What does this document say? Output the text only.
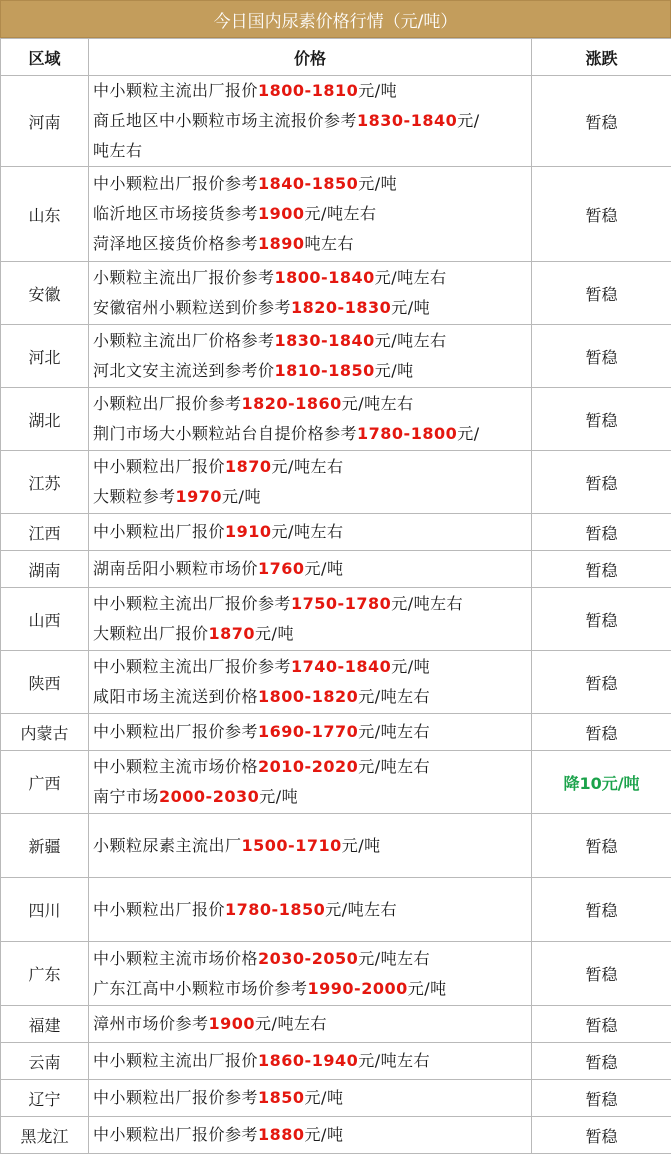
今日国内尿素价格行情（元/吨）
区域	价格	涨跌
河南	中小颗粒主流出厂报价1800-1810元/吨
商丘地区中小颗粒市场主流报价参考1830-1840元/
吨左右	暂稳
山东	中小颗粒出厂报价参考1840-1850元/吨
临沂地区市场接货参考1900元/吨左右
菏泽地区接货价格参考1890吨左右	暂稳
安徽	小颗粒主流出厂报价参考1800-1840元/吨左右
安徽宿州小颗粒送到价参考1820-1830元/吨	暂稳
河北	小颗粒主流出厂价格参考1830-1840元/吨左右
河北文安主流送到参考价1810-1850元/吨	暂稳
湖北	小颗粒出厂报价参考1820-1860元/吨左右
荆门市场大小颗粒站台自提价格参考1780-1800元/	暂稳
江苏	中小颗粒出厂报价1870元/吨左右
大颗粒参考1970元/吨	暂稳
江西	中小颗粒出厂报价1910元/吨左右	暂稳
湖南	湖南岳阳小颗粒市场价1760元/吨	暂稳
山西	中小颗粒主流出厂报价参考1750-1780元/吨左右
大颗粒出厂报价1870元/吨	暂稳
陕西	中小颗粒主流出厂报价参考1740-1840元/吨
咸阳市场主流送到价格1800-1820元/吨左右	暂稳
内蒙古	中小颗粒出厂报价参考1690-1770元/吨左右	暂稳
广西	中小颗粒主流市场价格2010-2020元/吨左右
南宁市场2000-2030元/吨	降10元/吨
新疆	小颗粒尿素主流出厂1500-1710元/吨	暂稳
四川	中小颗粒出厂报价1780-1850元/吨左右	暂稳
广东	中小颗粒主流市场价格2030-2050元/吨左右
广东江高中小颗粒市场价参考1990-2000元/吨	暂稳
福建	漳州市场价参考1900元/吨左右	暂稳
云南	中小颗粒主流出厂报价1860-1940元/吨左右	暂稳
辽宁	中小颗粒出厂报价参考1850元/吨	暂稳
黑龙江	中小颗粒出厂报价参考1880元/吨	暂稳
